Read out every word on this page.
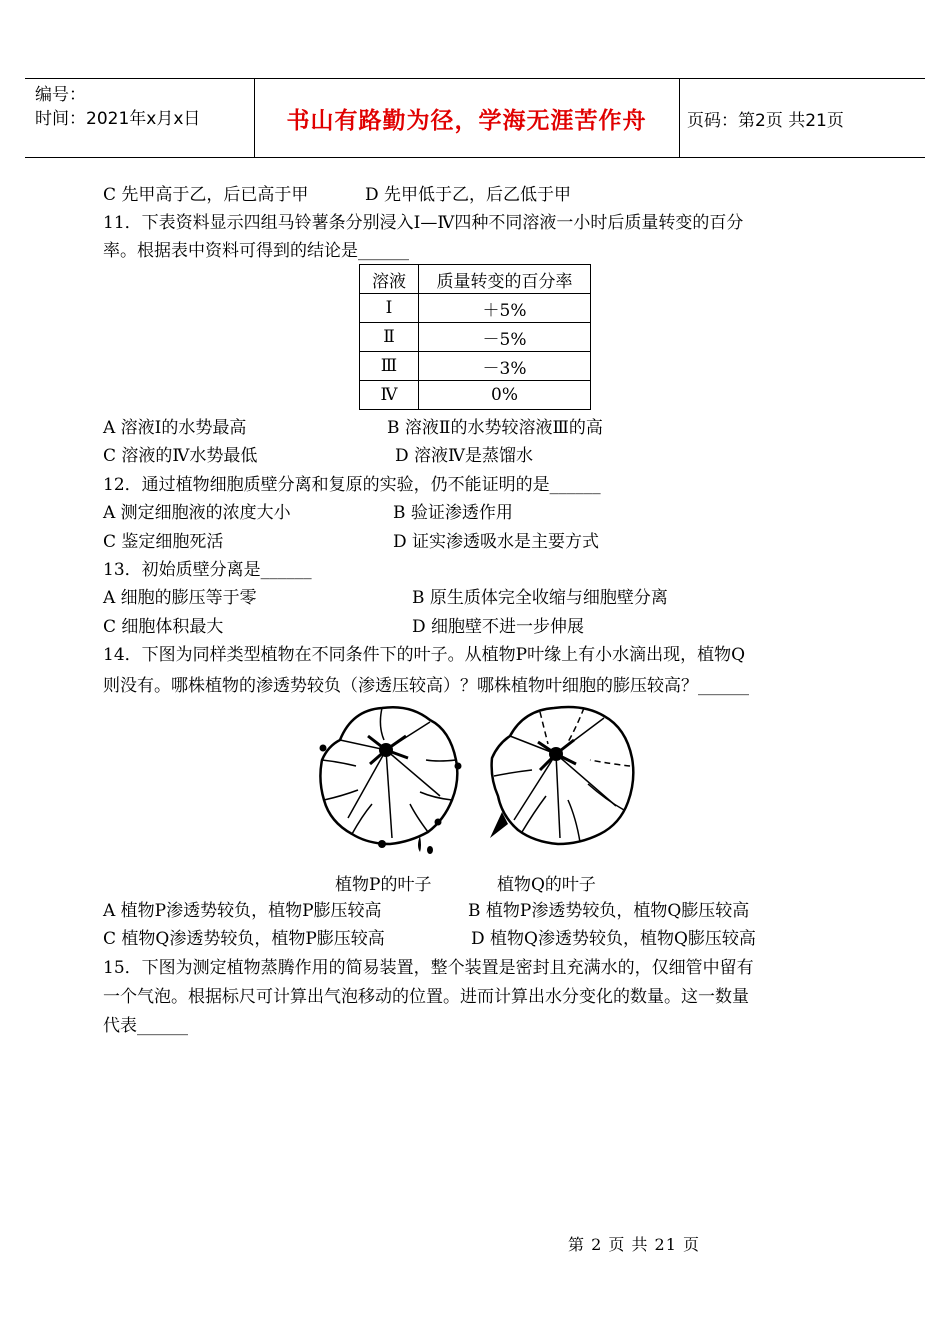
编号：
时间：2021年x月x日	书山有路勤为径，学海无涯苦作舟	页码：第2页 共21页
C 先甲高于乙，后已高于甲	D 先甲低于乙，后乙低于甲
11．下表资料显示四组马铃薯条分别浸入Ⅰ—Ⅳ四种不同溶液一小时后质量转变的百分
率。根据表中资料可得到的结论是______
溶液	质量转变的百分率
Ⅰ	＋5%
Ⅱ	－5%
Ⅲ	－3%
Ⅳ	0%
A 溶液Ⅰ的水势最高	B 溶液Ⅱ的水势较溶液Ⅲ的高
C 溶液的Ⅳ水势最低	D 溶液Ⅳ是蒸馏水
12．通过植物细胞质壁分离和复原的实验，仍不能证明的是______
A 测定细胞液的浓度大小	B 验证渗透作用
C 鉴定细胞死活	D 证实渗透吸水是主要方式
13．初始质壁分离是______
A 细胞的膨压等于零	B 原生质体完全收缩与细胞壁分离
C 细胞体积最大	D 细胞壁不进一步伸展
14．下图为同样类型植物在不同条件下的叶子。从植物P叶缘上有小水滴出现，植物Q
则没有。哪株植物的渗透势较负（渗透压较高）？哪株植物叶细胞的膨压较高？______
植物P的叶子	植物Q的叶子
A 植物P渗透势较负，植物P膨压较高	B 植物P渗透势较负，植物Q膨压较高
C 植物Q渗透势较负，植物P膨压较高	D 植物Q渗透势较负，植物Q膨压较高
15．下图为测定植物蒸腾作用的简易装置，整个装置是密封且充满水的，仅细管中留有
一个气泡。根据标尺可计算出气泡移动的位置。进而计算出水分变化的数量。这一数量
代表______
第 2 页 共 21 页
